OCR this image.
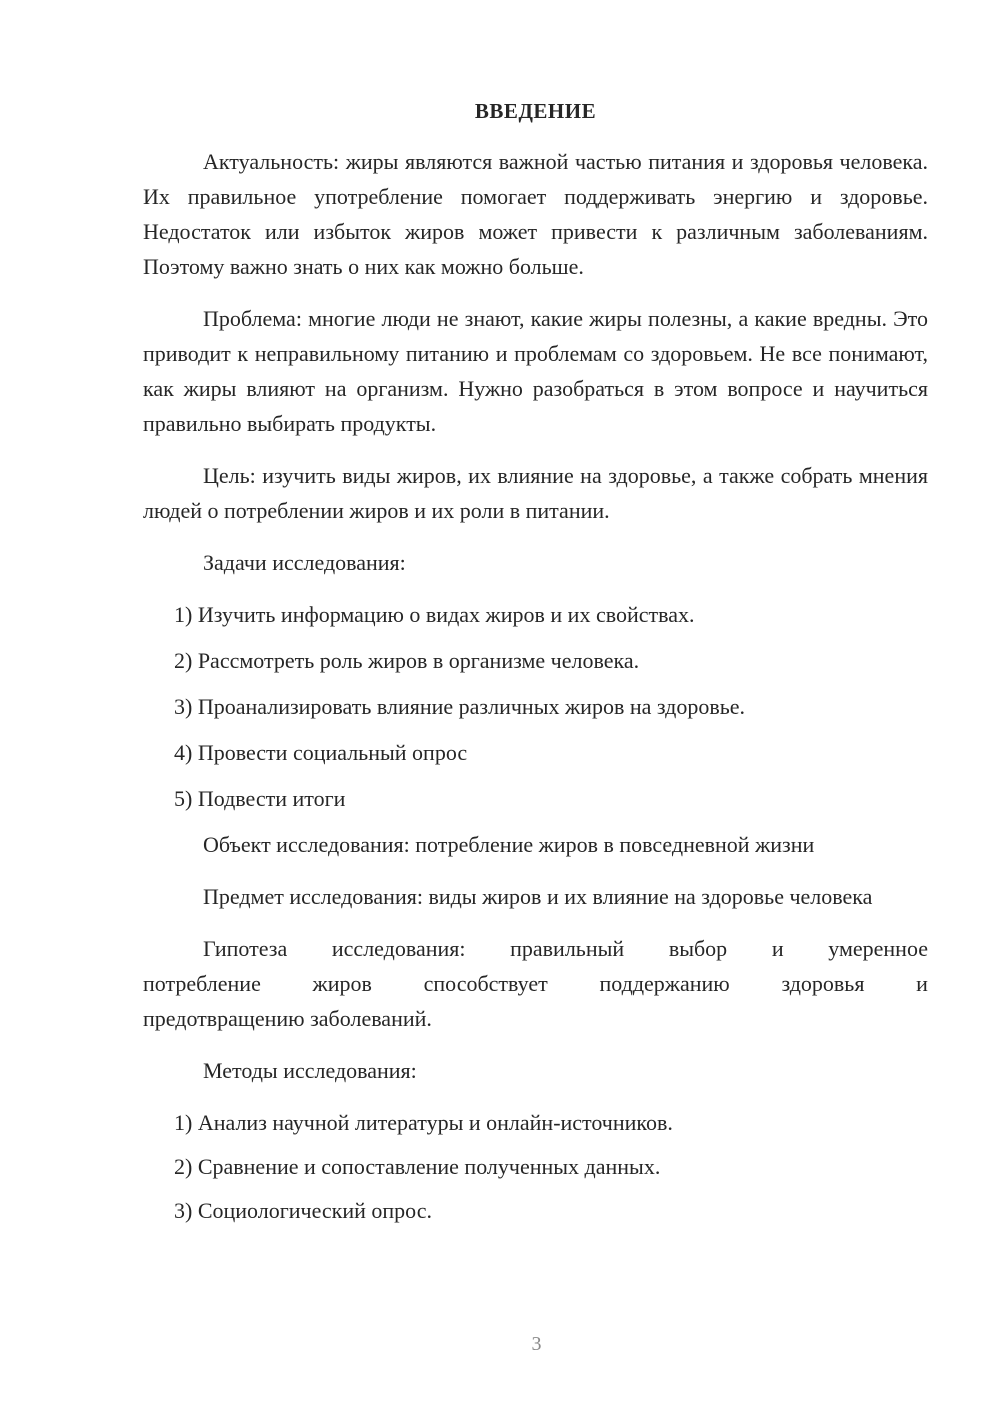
ВВЕДЕНИЕ

Актуальность: жиры являются важной частью питания и здоровья человека. Их правильное употребление помогает поддерживать энергию и здоровье. Недостаток или избыток жиров может привести к различным заболеваниям. Поэтому важно знать о них как можно больше.

Проблема: многие люди не знают, какие жиры полезны, а какие вредны. Это приводит к неправильному питанию и проблемам со здоровьем. Не все понимают, как жиры влияют на организм. Нужно разобраться в этом вопросе и научиться правильно выбирать продукты.

Цель: изучить виды жиров, их влияние на здоровье, а также собрать мнения людей о потреблении жиров и их роли в питании.

Задачи исследования:

1) Изучить информацию о видах жиров и их свойствах.
2) Рассмотреть роль жиров в организме человека.
3) Проанализировать влияние различных жиров на здоровье.
4) Провести социальный опрос
5) Подвести итоги

Объект исследования: потребление жиров в повседневной жизни

Предмет исследования: виды жиров и их влияние на здоровье человека

Гипотеза исследования: правильный выбор и умеренное
потребление жиров способствует поддержанию здоровья и
предотвращению заболеваний.

Методы исследования:

1) Анализ научной литературы и онлайн-источников.
2) Сравнение и сопоставление полученных данных.
3) Социологический опрос.
3
